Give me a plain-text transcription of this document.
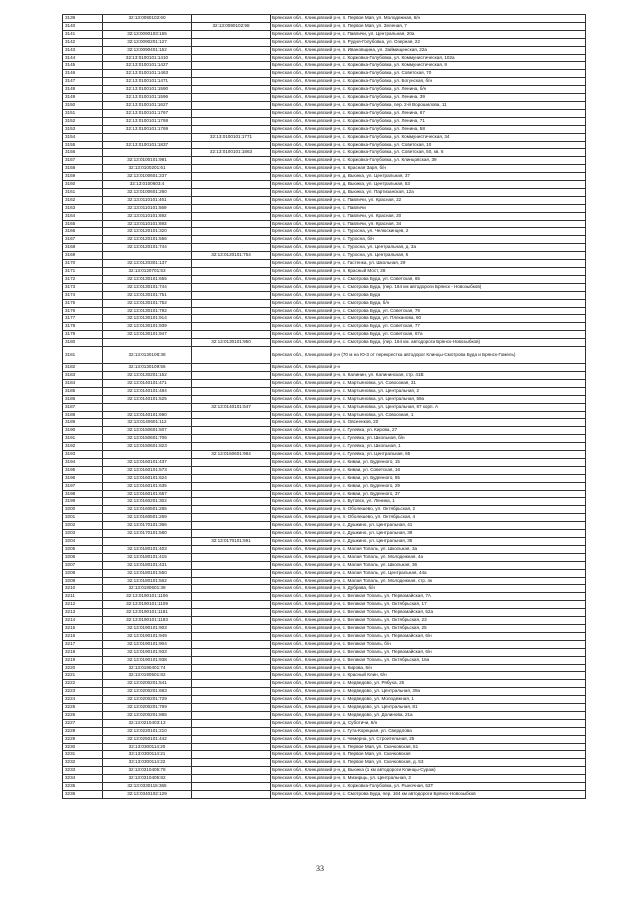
3139	32:13:0090102:60		Брянская обл., Клинцовский р-н, п. Первое Мая, ул. Молодежная, 6/н
3140		32:13:0090102:98	Брянская обл., Клинцовский р-н, п. Первое Мая, ул. Зеленая, 7
3141	32:13:0090103:165		Брянская обл., Клинцовский р-н, с. Павличи, ул. Центральная, 20а
3142	32:13:0090201:127		Брянская обл., Клинцовский р-н, п. Рудня-Голубовка, ул. Озерная, 22
3143	32:13:0090401:152		Брянская обл., Клинцовский р-н, п. Ивановщина, ул. Займищенская, 22а
3144	32:13:0100101:1410		Брянская обл., Клинцовский р-н, с. Коржовка-Голубовка, ул. Коммунистическая, 102а
3145	32:13:0100101:1427		Брянская обл., Клинцовский р-н, с. Коржовка-Голубовка, ул. Коммунистическая, 8
3146	32:13:0100101:1463		Брянская обл., Клинцовский р-н, с. Коржовка-Голубовка, ул. Советская, 70
3147	32:13:0100101:1471		Брянская обл., Клинцовский р-н, с. Коржовка-Голубовка, ул. Богунская, б/н
3148	32:13:0100101:1590		Брянская обл., Клинцовский р-н, с. Коржовка-Голубовка, ул. Ленина, б/н
3149	32:13:0100101:1596		Брянская обл., Клинцовский р-н, с. Коржовка-Голубовка, ул. Ленина, 39
3150	32:13:0100101:1627		Брянская обл., Клинцовский р-н, с. Коржовка-Голубовка, пер. 2-й Ворошилова, 11
3151	32:13:0100101:1767		Брянская обл., Клинцовский р-н, с. Коржовка-Голубовка, ул. Ленина, 67
3152	32:13:0100101:1768		Брянская обл., Клинцовский р-н, с. Коржовка-Голубовка, ул. Ленина, 71
3153	32:13:0100101:1769		Брянская обл., Клинцовский р-н, с. Коржовка-Голубовка, ул. Ленина, 58
3154		32:13:0100101:1771	Брянская обл., Клинцовский р-н, с. Коржовка-Голубовка, ул. Коммунистическая, 34
3155	32:13:0100101:1837		Брянская обл., Клинцовский р-н, с. Коржовка-Голубовка, ул. Советская, 10
3156		32:13:0100101:1863	Брянская обл., Клинцовский р-н, с. Коржовка-Голубовка, ул. Советская, 50, кв. 6
3157	32:13:0100101:981		Брянская обл., Клинцовский р-н, с. Коржовка-Голубовка, ул. Клинцовская, 39
3158	32:13:0100201:61		Брянская обл., Клинцовский р-н, п. Красная Заря, б/н
3159	32:13:0100601:237		Брянская обл., Клинцовский р-н, д. Вьюнка, ул. Центральная, 37
3160	32:13:0100603:4		Брянская обл., Клинцовский р-н, д. Вьюнка, ул. Центральная, 53
3161	32:13:0100601:260		Брянская обл., Клинцовский р-н, д. Вьюнка, ул. Партизанская, 12а
3162	32:13:0110101:461		Брянская обл., Клинцовский р-н, с. Павличи, ул. Красная, 22
3163	32:13:0110101:569		Брянская обл., Клинцовский р-н, с. Павличи
3164	32:13:0110101:692		Брянская обл., Клинцовский р-н, с. Павличи, ул. Красная, 20
3165	32:13:0110101:693		Брянская обл., Клинцовский р-н, с. Павличи, ул. Красная, 34
3166	32:13:0120101:320		Брянская обл., Клинцовский р-н, с. Туросна, ул. Челюскинцев, 2
3167	32:13:0120101:556		Брянская обл., Клинцовский р-н, с. Туросна, б/н
3168	32:13:0120101:744		Брянская обл., Клинцовский р-н, с. Туросна, ул. Центральная, д. 3а
3169		32:13:0120101:754	Брянская обл., Клинцовский р-н, с. Туросна, ул. Центральная, 5
3170	32:13:0120301:137		Брянская обл., Клинцовский р-н, с. Гастенка, ул. Школьная, 29
3171	32:13:0120701:53		Брянская обл., Клинцовский р-н, п. Красный Мост, 28
3172	32:13:0130101:655		Брянская обл., Клинцовский р-н, с. Смотрова Буда, ул. Советская, 65
3173	32:13:0130101:744		Брянская обл., Клинцовский р-н, с. Смотрова Буда, (пер. 164 км автодороги Брянск - Новозыбков)
3174	32:13:0130101:751		Брянская обл., Клинцовский р-н, с. Смотрова Буда
3175	32:13:0130101:752		Брянская обл., Клинцовский р-н, с. Смотрова Буда, б/н
3176	32:13:0130101:792		Брянская обл., Клинцовский р-н, с. Смотрова Буда, ул. Советская, 79
3177	32:13:0130101:914		Брянская обл., Клинцовский р-н, с. Смотрова Буда, ул. Плеханова, 60
3178	32:13:0130101:939		Брянская обл., Клинцовский р-н, с. Смотрова Буда, ул. Советская, 77
3179	32:13:0130101:947		Брянская обл., Клинцовский р-н, с. Смотрова Буда, ул. Советская, 67а
3180		32:13:0130101:950	Брянская обл., Клинцовский р-н, с. Смотрова Буда, (пер. 164 км. автодороги Брянск-Новозыбков)
3181	32:13:0130108:38		Брянская обл., Клинцовский р-н (70 м на Ю-З от перекрестка автодорог Клинцы-Смотрова Буда и Брянск-Гомель)
3182	32:13:0130109:56		Брянская обл., Клинцовский р-н
3183	32:13:0130201:152		Брянская обл., Клинцовский р-н, п. Калинин, ул. Калининская, стр. 41В
3184	32:13:0140101:471		Брянская обл., Клинцовский р-н, с. Мартьяновка, ул. Совхозная, 31
3185	32:13:0140101:484		Брянская обл., Клинцовский р-н, с. Мартьяновка, ул. Центральная, 2
3186	32:13:0140101:525		Брянская обл., Клинцовский р-н, с. Мартьяновка, ул. Центральная, 59а
3187		32:13:0140101:647	Брянская обл., Клинцовский р-н, с. Мартьяновка, ул. Центральная, 67 корп. А
3188	32:13:0140101:690		Брянская обл., Клинцовский р-н, с. Мартьяновка, ул. Совхозная, 1
3189	32:13:0140601:112		Брянская обл., Клинцовский р-н, п. Овсеенков, 20
3190	32:13:0150601:507		Брянская обл., Клинцовский р-н, с. Гулевка, ул. Кирова, 27
3191	32:13:0150601:706		Брянская обл., Клинцовский р-н, с. Гулевка, ул. Школьная, б/н
3192	32:13:0150601:823		Брянская обл., Клинцовский р-н, с. Гулевка, ул. Школьная, 1
3193		32:13:0150601:984	Брянская обл., Клинцовский р-н, с. Гулевка, ул. Центральная, 65
3194	32:13:0160101:437		Брянская обл., Клинцовский р-н, с. Киваи, ул. Буденного, 15
3195	32:13:0160101:573		Брянская обл., Клинцовский р-н, с. Киваи, ул. Советская, 16
3196	32:13:0160101:624		Брянская обл., Клинцовский р-н, с. Киваи, ул. Буденного, 55
3197	32:13:0160101:635		Брянская обл., Клинцовский р-н, с. Киваи, ул. Буденного, 29
3198	32:13:0160101:657		Брянская обл., Клинцовский р-н, с. Киваи, ул. Буденного, 37
3199	32:13:0160201:302		Брянская обл., Клинцовский р-н, с. Бутовск, ул. Ленина, 1
3200	32:13:0160501:265		Брянская обл., Клинцовский р-н, п. Оболешево, ул. Октябрьская, 2
3201	32:13:0160501:269		Брянская обл., Клинцовский р-н, п. Оболешево, ул. Октябрьская, 4
3202	32:13:0170101:366		Брянская обл., Клинцовский р-н, с. Душкино, ул. Центральная, 41
3203	32:13:0170101:580		Брянская обл., Клинцовский р-н, с. Душкино, ул. Центральная, 39
3204		32:13:0170101:591	Брянская обл., Клинцовский р-н, с. Душкино, ул. Центральная, 35
3205	32:13:0180101:403		Брянская обл., Клинцовский р-н, с. Малая Топаль, ул. Школьная, 3а
3206	32:13:0180101:415		Брянская обл., Клинцовский р-н, с. Малая Топаль, ул. Молодежная, 4а
3207	32:13:0180101:431		Брянская обл., Клинцовский р-н, с. Малая Топаль, ул. Школьная, 36
3208	32:13:0180101:550		Брянская обл., Клинцовский р-н, с. Малая Топаль, ул. Центральная, 44а
3209	32:13:0180101:562		Брянская обл., Клинцовский р-н, с. Малая Топаль, ул. Молодежная, стр. 4к
3210	32:13:0180601:38		Брянская обл., Клинцовский р-н, п. Дубрава, б/н
3211	32:13:0190101:1106		Брянская обл., Клинцовский р-н, с. Великая Топаль, ул. Первомайская, 7А
3212	32:13:0190101:1109		Брянская обл., Клинцовский р-н, с. Великая Топаль, ул. Октябрьская, 17
3213	32:13:0190101:1181		Брянская обл., Клинцовский р-н, с. Великая Топаль, ул. Первомайская, 52а
3214	32:13:0190101:1183		Брянская обл., Клинцовский р-н, с. Великая Топаль, ул. Октябрьская, 23
3215	32:13:0190101:903		Брянская обл., Клинцовский р-н, с. Великая Топаль, ул. Октябрьская, 25
3216	32:13:0190101:949		Брянская обл., Клинцовский р-н, с. Великая Топаль, ул. Первомайская, 6/н
3217	32:13:0190101:904		Брянская обл., Клинцовский р-н, с. Великая Топаль, б/н
3218	32:13:0190101:933		Брянская обл., Клинцовский р-н, с. Великая Топаль, ул. Первомайская, 6/н
3219	32:13:0190101:938		Брянская обл., Клинцовский р-н, с. Великая Топаль, ул. Октябрьская, 16а
3220	32:13:0190401:74		Брянская обл., Клинцовский р-н, п. Кирова, 6/н
3221	32:13:0190501:82		Брянская обл., Клинцовский р-н, с. Красный Клин, 6/н
3222	32:13:0200201:541		Брянская обл., Клинцовский р-н, с. Медведово, ул. Рябуха, 25
3223	32:13:0200201:683		Брянская обл., Клинцовский р-н, с. Медведово, ул. Центральная, 39а
3224	32:13:0200201:729		Брянская обл., Клинцовский р-н, с. Медведово, ул. Молодежная, 1
3225	32:13:0200201:769		Брянская обл., Клинцовский р-н, с. Медведово, ул. Центральная, 81
3226	32:13:0200201:865		Брянская обл., Клинцовский р-н, с. Медведово, ул. Долинова, 21а
3227	32:13:0210403:13		Брянская обл., Клинцовский р-н, д. Суботичи, 6/н
3228	32:13:0220101:210		Брянская обл., Клинцовский р-н, с. Гута-Корецкая, ул. Свердлова
3229	32:13:0250101:442		Брянская обл., Клинцовский р-н, с. Чемерна, ул. Строительная, 25
3230	32:13:0300114:20		Брянская обл., Клинцовский р-н, п. Первое Мая, ул. Скачковская, 51
3231	32:13:0300114:21		Брянская обл., Клинцовский р-н, п. Первое Мая, ул. Скачковская
3232	32:13:0300114:22		Брянская обл., Клинцовский р-н, п. Первое Мая, ул. Скачковская, д. 53
3233	32:13:0310405:78		Брянская обл., Клинцовский р-н, д. Вьюнка (1 км автодороги Клинцы-Сураж)
3234	32:13:0310405:82		Брянская обл., Клинцовский р-н, п. Мизирщь, ул. Центральная, 2
3235	32:13:0330115:365		Брянская обл., Клинцовский р-н, с. Коржовка-Голубовка, ул. Рыночная, 53Т
3236	32:13:0340102:129		Брянская обл., Клинцовский р-н, с. Смотрова Буда, пер. 164 км автодороги Брянск-Новозыбков
33
